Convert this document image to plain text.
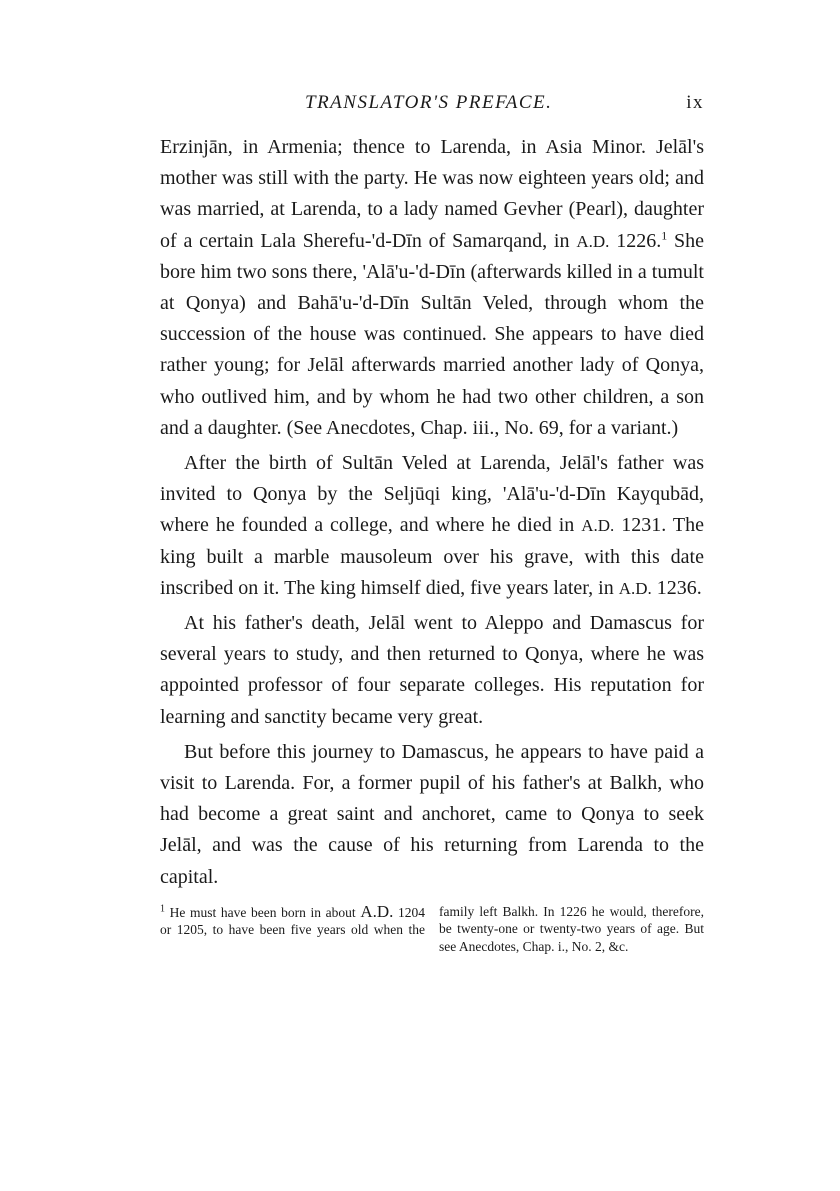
TRANSLATOR'S PREFACE.	ix

Erzinjān, in Armenia; thence to Larenda, in Asia Minor. Jelāl's mother was still with the party. He was now eighteen years old; and was married, at Larenda, to a lady named Gevher (Pearl), daughter of a certain Lala Sherefu-'d-Dīn of Samarqand, in A.D. 1226.$^1$ She bore him two sons there, 'Alā'u-'d-Dīn (afterwards killed in a tumult at Qonya) and Bahā'u-'d-Dīn Sultān Veled, through whom the succession of the house was continued. She appears to have died rather young; for Jelāl afterwards married another lady of Qonya, who outlived him, and by whom he had two other children, a son and a daughter. (See Anecdotes, Chap. iii., No. 69, for a variant.)

After the birth of Sultān Veled at Larenda, Jelāl's father was invited to Qonya by the Seljūqi king, 'Alā'u-'d-Dīn Kayqubād, where he founded a college, and where he died in A.D. 1231. The king built a marble mausoleum over his grave, with this date inscribed on it. The king himself died, five years later, in A.D. 1236.

At his father's death, Jelāl went to Aleppo and Damascus for several years to study, and then returned to Qonya, where he was appointed professor of four separate colleges. His reputation for learning and sanctity became very great.

But before this journey to Damascus, he appears to have paid a visit to Larenda. For, a former pupil of his father's at Balkh, who had become a great saint and anchoret, came to Qonya to seek Jelāl, and was the cause of his returning from Larenda to the capital.

$^1$ He must have been born in about A.D. 1204 or 1205, to have been five years old when the family left Balkh. In 1226 he would, therefore, be twenty-one or twenty-two years of age. But see Anecdotes, Chap. i., No. 2, &c.
